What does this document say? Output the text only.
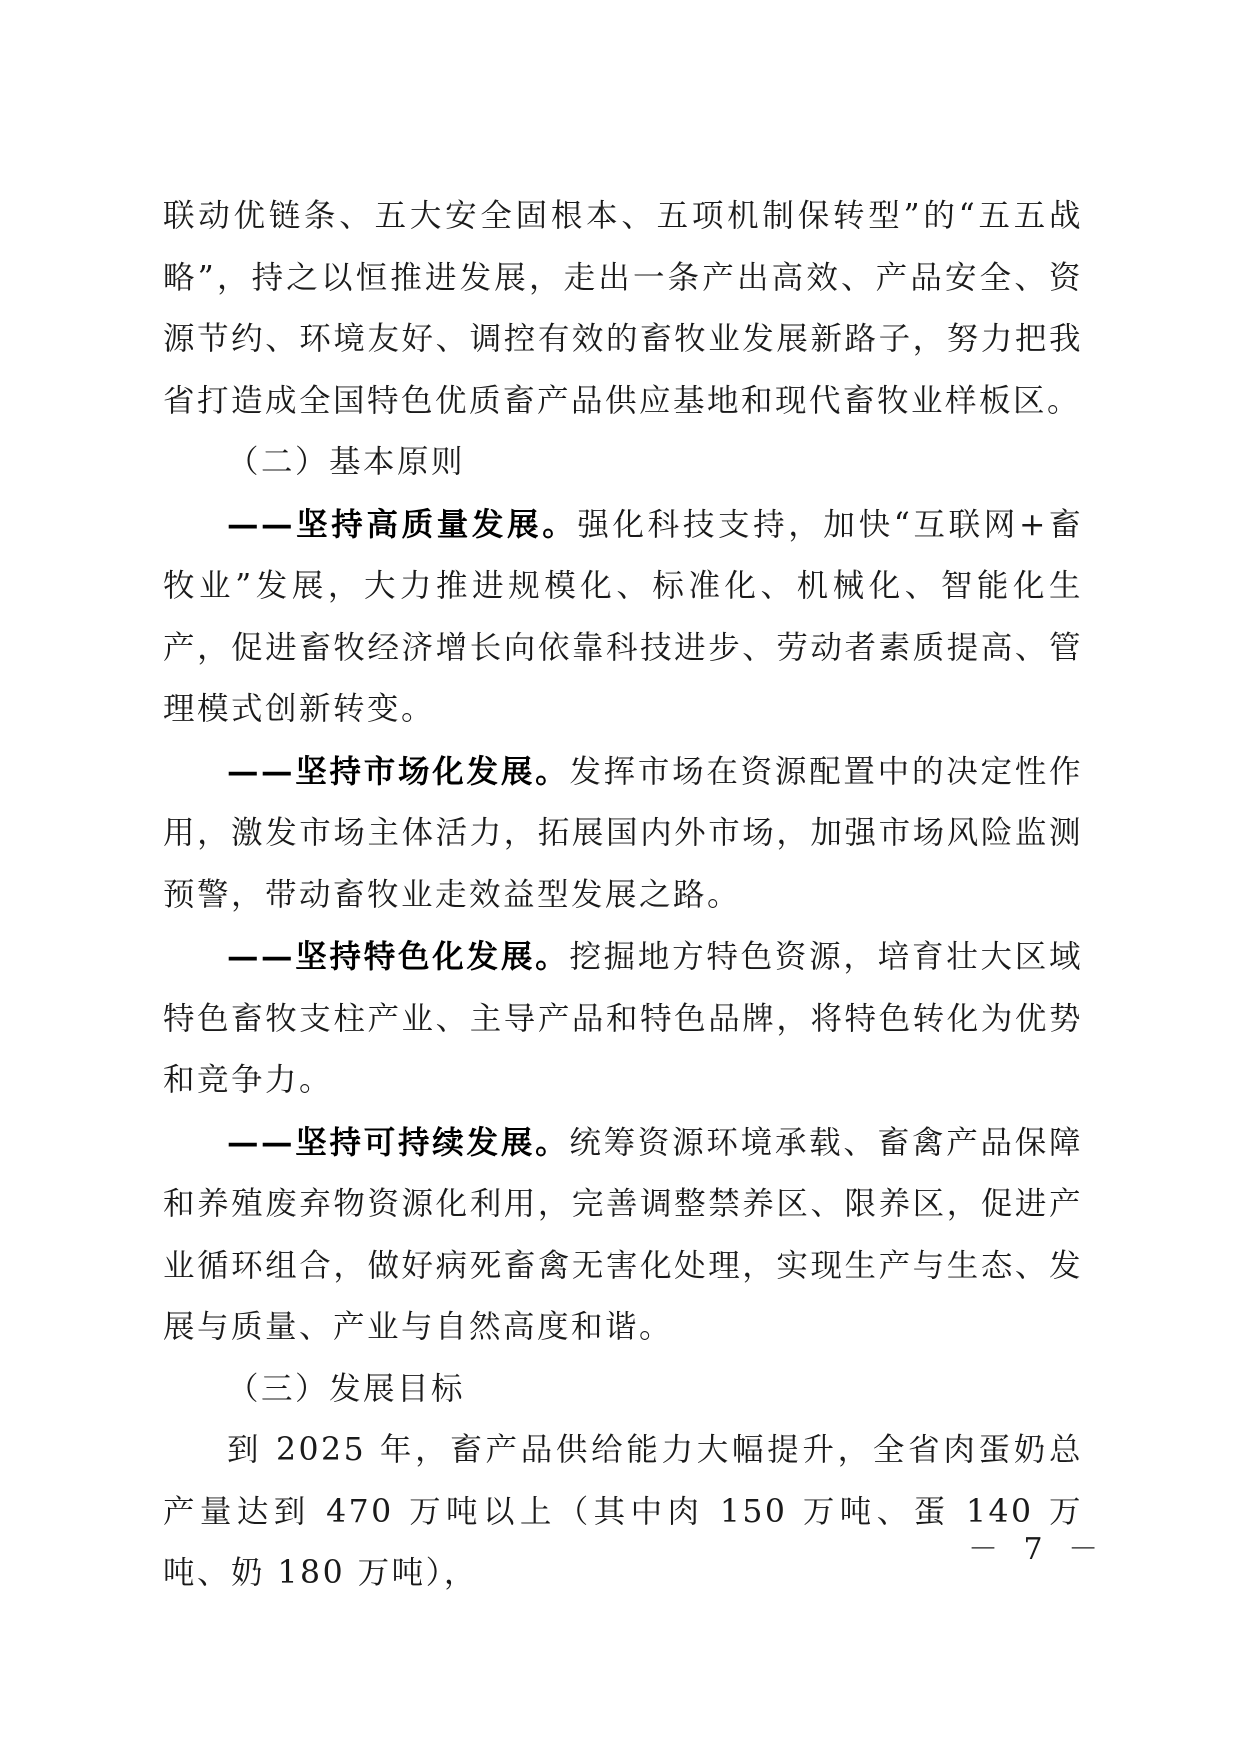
联动优链条、五大安全固根本、五项机制保转型”的“五五战略”，持之以恒推进发展，走出一条产出高效、产品安全、资源节约、环境友好、调控有效的畜牧业发展新路子，努力把我省打造成全国特色优质畜产品供应基地和现代畜牧业样板区。

（二）基本原则

——坚持高质量发展。强化科技支持，加快“互联网+畜牧业”发展，大力推进规模化、标准化、机械化、智能化生产，促进畜牧经济增长向依靠科技进步、劳动者素质提高、管理模式创新转变。

——坚持市场化发展。发挥市场在资源配置中的决定性作用，激发市场主体活力，拓展国内外市场，加强市场风险监测预警，带动畜牧业走效益型发展之路。

——坚持特色化发展。挖掘地方特色资源，培育壮大区域特色畜牧支柱产业、主导产品和特色品牌，将特色转化为优势和竞争力。

——坚持可持续发展。统筹资源环境承载、畜禽产品保障和养殖废弃物资源化利用，完善调整禁养区、限养区，促进产业循环组合，做好病死畜禽无害化处理，实现生产与生态、发展与质量、产业与自然高度和谐。

（三）发展目标

到 2025 年，畜产品供给能力大幅提升，全省肉蛋奶总产量达到 470 万吨以上（其中肉 150 万吨、蛋 140 万吨、奶 180 万吨），

－ 7 －
